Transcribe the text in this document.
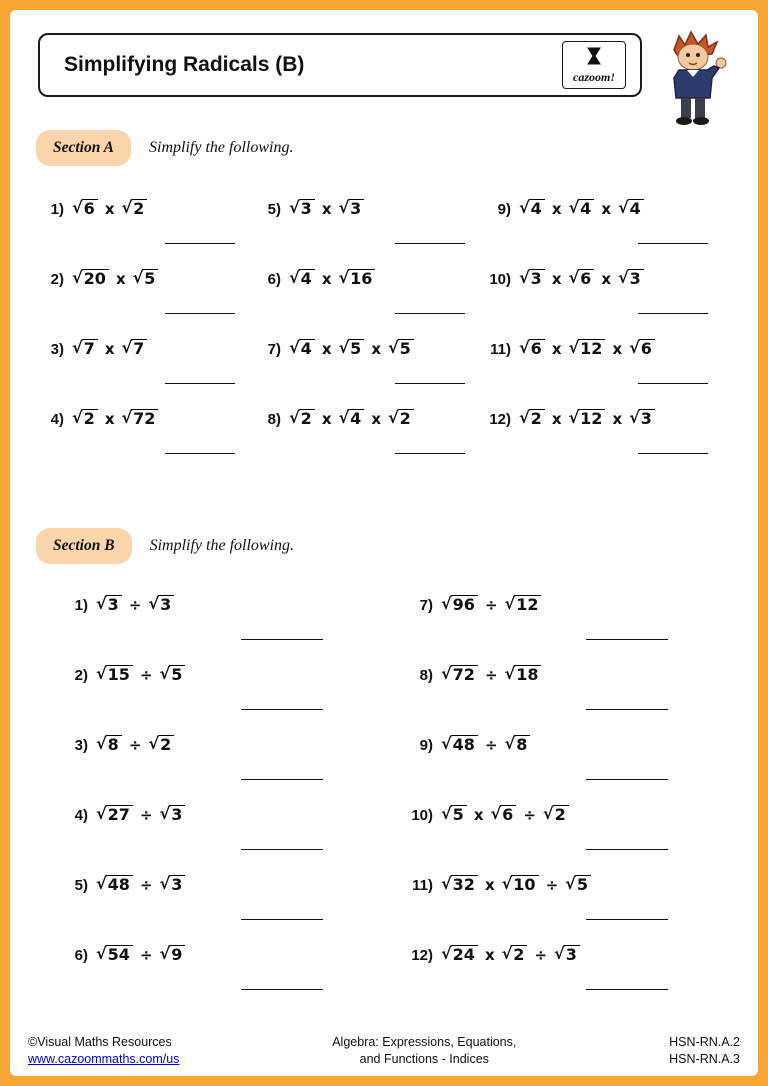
Simplifying Radicals (B)
cazoom!
Section A	Simplify the following.
1) √6 x √2
2) √20 x √5
3) √7 x √7
4) √2 x √72
5) √3 x √3
6) √4 x √16
7) √4 x √5 x √5
8) √2 x √4 x √2
9) √4 x √4 x √4
10) √3 x √6 x √3
11) √6 x √12 x √6
12) √2 x √12 x √3
Section B	Simplify the following.
1) √3 ÷ √3
2) √15 ÷ √5
3) √8 ÷ √2
4) √27 ÷ √3
5) √48 ÷ √3
6) √54 ÷ √9
7) √96 ÷ √12
8) √72 ÷ √18
9) √48 ÷ √8
10) √5 x √6 ÷ √2
11) √32 x √10 ÷ √5
12) √24 x √2 ÷ √3
©Visual Maths Resources
www.cazoommaths.com/us
Algebra: Expressions, Equations,
and Functions - Indices
HSN-RN.A.2
HSN-RN.A.3
